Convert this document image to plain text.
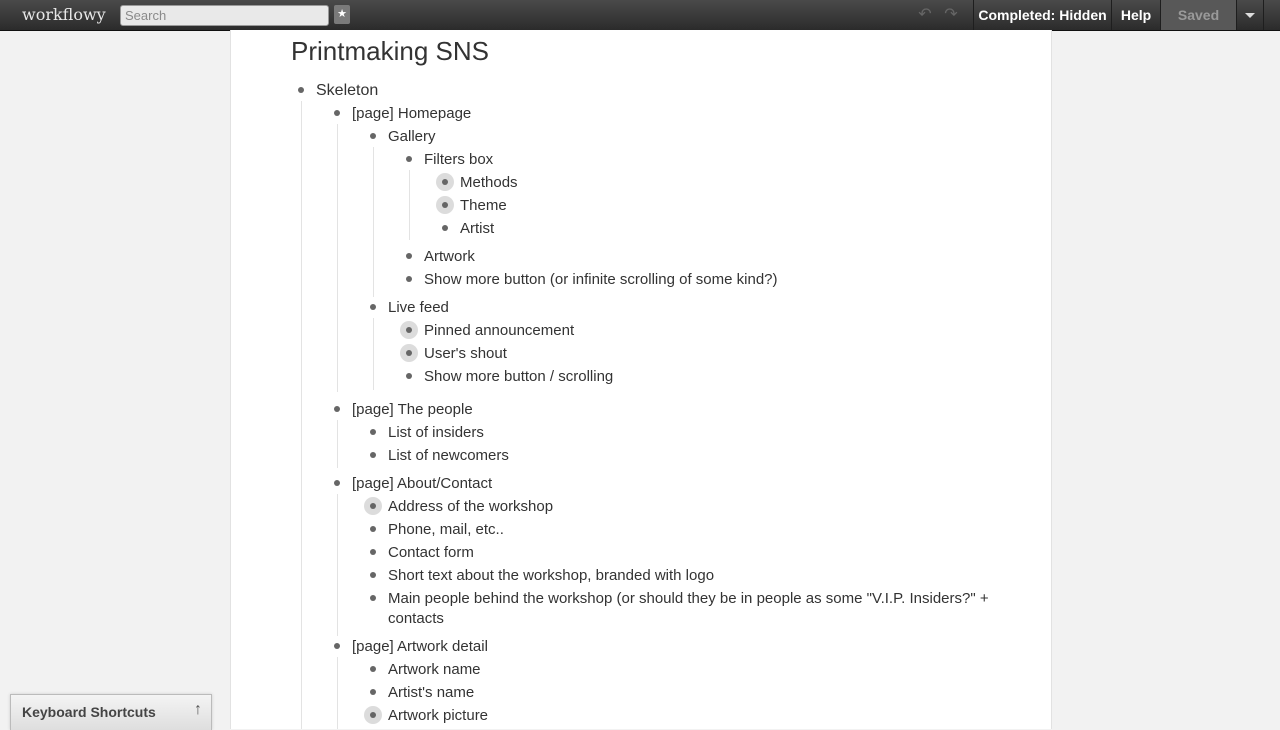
workflowy
Search	★	↶ ↷	Completed: Hidden	Help	Saved
Printmaking SNS
Skeleton
[page] Homepage
Gallery
Filters box
Methods
Theme
Artist
Artwork
Show more button (or infinite scrolling of some kind?)
Live feed
Pinned announcement
User's shout
Show more button / scrolling
[page] The people
List of insiders
List of newcomers
[page] About/Contact
Address of the workshop
Phone, mail, etc..
Contact form
Short text about the workshop, branded with logo
Main people behind the workshop (or should they be in people as some "V.I.P. Insiders?" + contacts
[page] Artwork detail
Artwork name
Artist's name
Artwork picture
Keyboard Shortcuts ↑
